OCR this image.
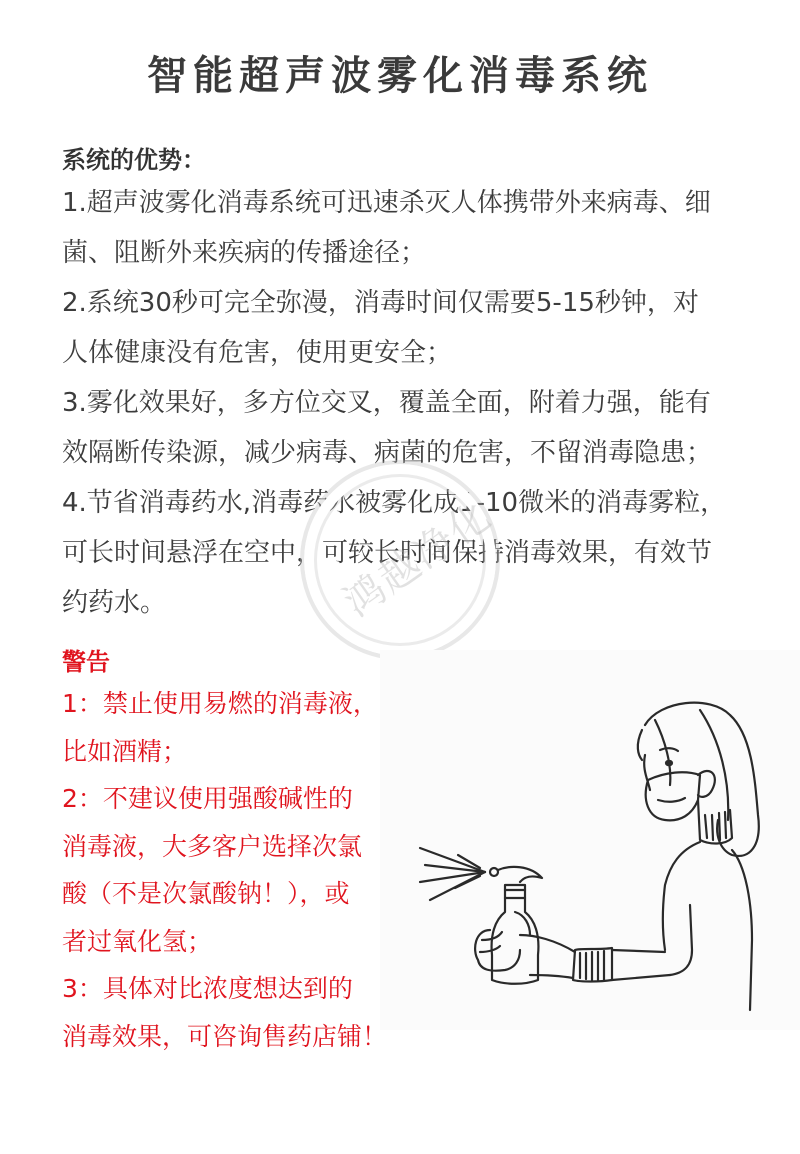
智能超声波雾化消毒系统
系统的优势：

1.超声波雾化消毒系统可迅速杀灭人体携带外来病毒、细

菌、阻断外来疾病的传播途径；

2.系统30秒可完全弥漫，消毒时间仅需要5-15秒钟，对

人体健康没有危害，使用更安全；

3.雾化效果好，多方位交叉，覆盖全面，附着力强，能有

效隔断传染源，减少病毒、病菌的危害，不留消毒隐患；

4.节省消毒药水,消毒药水被雾化成1-10微米的消毒雾粒，

可长时间悬浮在空中，可较长时间保持消毒效果，有效节

约药水。	鸿越净化
警告

1：禁止使用易燃的消毒液，

比如酒精；

2：不建议使用强酸碱性的

消毒液，大多客户选择次氯

酸（不是次氯酸钠！），或

者过氧化氢；

3：具体对比浓度想达到的

消毒效果，可咨询售药店铺！
